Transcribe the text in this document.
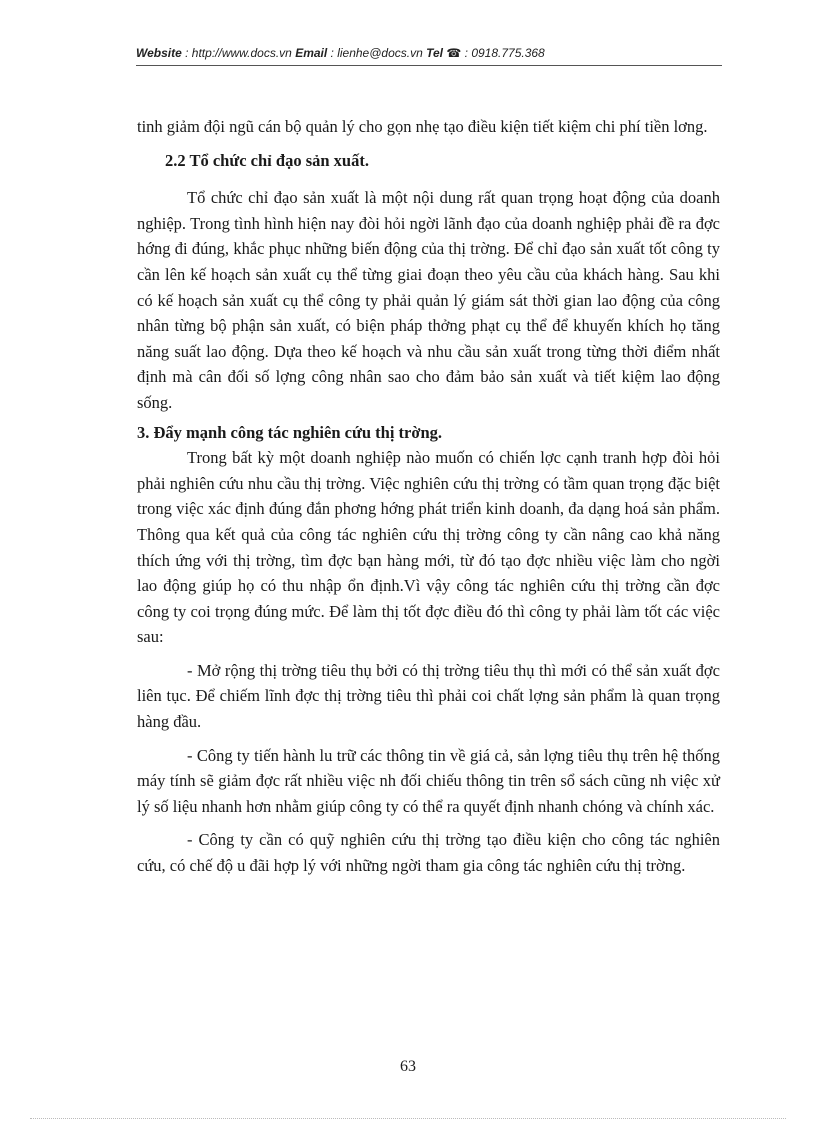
Website : http://www.docs.vn Email : lienhe@docs.vn Tel ☎ : 0918.775.368

tinh giảm đội ngũ cán bộ quản lý cho gọn nhẹ tạo điều kiện tiết kiệm chi phí tiền lơng.

2.2 Tổ chức chỉ đạo sản xuất.

Tổ chức chỉ đạo sản xuất là một nội dung rất quan trọng hoạt động của doanh nghiệp. Trong tình hình hiện nay đòi hỏi ngời lãnh đạo của doanh nghiệp phải đề ra đợc hớng đi đúng, khắc phục những biến động của thị trờng. Để chỉ đạo sản xuất tốt công ty cần lên kế hoạch sản xuất cụ thể từng giai đoạn theo yêu cầu của khách hàng. Sau khi có kế hoạch sản xuất cụ thể công ty phải quản lý giám sát thời gian lao động của công nhân từng bộ phận sản xuất, có biện pháp thởng phạt cụ thể để khuyến khích họ tăng năng suất lao động. Dựa theo kế hoạch và nhu cầu sản xuất trong từng thời điểm nhất định mà cân đối số lợng công nhân sao cho đảm bảo sản xuất và tiết kiệm lao động sống.

3. Đẩy mạnh công tác nghiên cứu thị trờng.

Trong bất kỳ một doanh nghiệp nào muốn có chiến lợc cạnh tranh hợp đòi hỏi phải nghiên cứu nhu cầu thị trờng. Việc nghiên cứu thị trờng có tầm quan trọng đặc biệt trong việc xác định đúng đắn phơng hớng phát triển kinh doanh, đa dạng hoá sản phẩm. Thông qua kết quả của công tác nghiên cứu thị trờng công ty cần nâng cao khả năng thích ứng với thị trờng, tìm đợc bạn hàng mới, từ đó tạo đợc nhiều việc làm cho ngời lao động giúp họ có thu nhập ổn định.Vì vậy công tác nghiên cứu thị trờng cần đợc công ty coi trọng đúng mức. Để làm thị tốt đợc điều đó thì công ty phải làm tốt các việc sau:

- Mở rộng thị trờng tiêu thụ bởi có thị trờng tiêu thụ thì mới có thể sản xuất đợc liên tục. Để chiếm lĩnh đợc thị trờng tiêu thì phải coi chất lợng sản phẩm là quan trọng hàng đầu.

- Công ty tiến hành lu trữ các thông tin về giá cả, sản lợng tiêu thụ trên hệ thống máy tính sẽ giảm đợc rất nhiều việc nh đối chiếu thông tin trên sổ sách cũng nh việc xử lý số liệu nhanh hơn nhằm giúp công ty có thể ra quyết định nhanh chóng và chính xác.

- Công ty cần có quỹ nghiên cứu thị trờng tạo điều kiện cho công tác nghiên cứu, có chế độ u đãi hợp lý với những ngời tham gia công tác nghiên cứu thị trờng.

63
